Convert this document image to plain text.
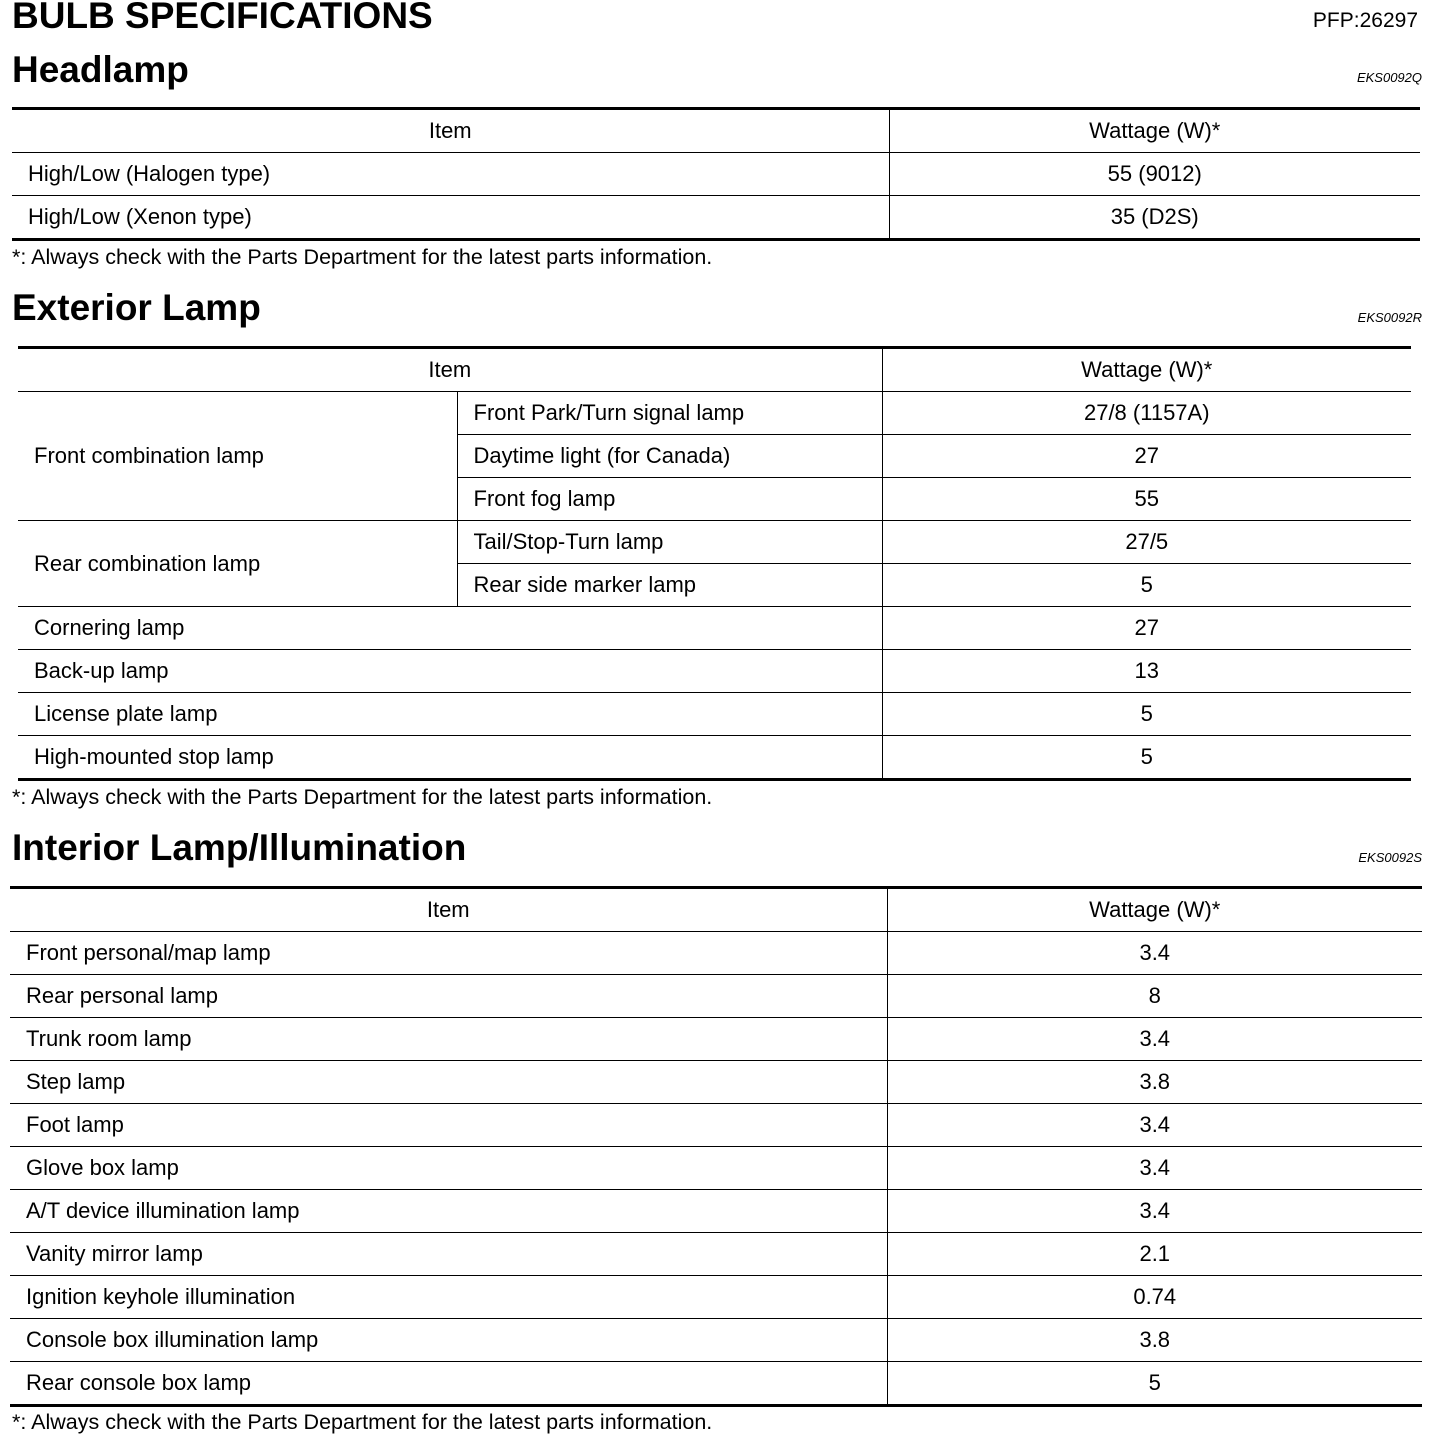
BULB SPECIFICATIONS	PFP:26297
Headlamp	EKS0092Q
Item	Wattage (W)*
High/Low (Halogen type)	55 (9012)
High/Low (Xenon type)	35 (D2S)
*: Always check with the Parts Department for the latest parts information.
Exterior Lamp	EKS0092R
Item		Wattage (W)*
Front combination lamp	Front Park/Turn signal lamp	27/8 (1157A)
	Daytime light (for Canada)	27
	Front fog lamp	55
Rear combination lamp	Tail/Stop-Turn lamp	27/5
	Rear side marker lamp	5
Cornering lamp		27
Back-up lamp		13
License plate lamp		5
High-mounted stop lamp		5
*: Always check with the Parts Department for the latest parts information.
Interior Lamp/Illumination	EKS0092S
Item	Wattage (W)*
Front personal/map lamp	3.4
Rear personal lamp	8
Trunk room lamp	3.4
Step lamp	3.8
Foot lamp	3.4
Glove box lamp	3.4
A/T device illumination lamp	3.4
Vanity mirror lamp	2.1
Ignition keyhole illumination	0.74
Console box illumination lamp	3.8
Rear console box lamp	5
*: Always check with the Parts Department for the latest parts information.
